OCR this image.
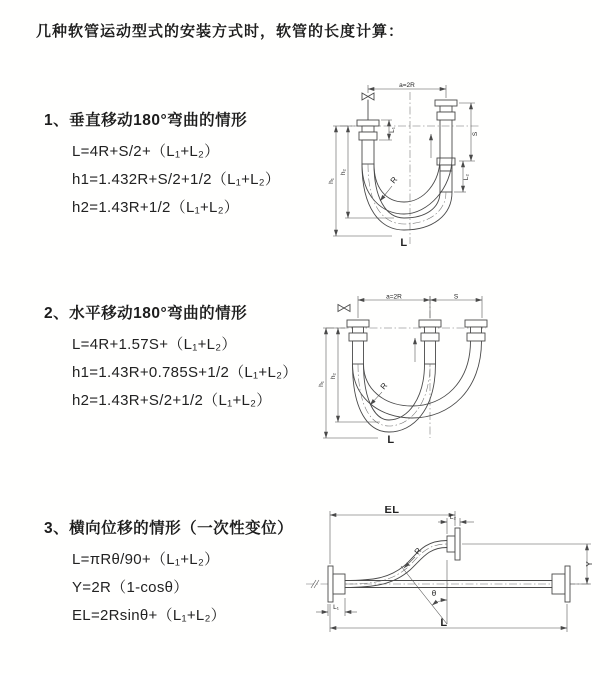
几种软管运动型式的安装方式时，软管的长度计算：
1、垂直移动180°弯曲的情形
L=4R+S/2+（L₁+L₂）
h1=1.432R+S/2+1/2（L₁+L₂）
h2=1.43R+1/2（L₁+L₂）
2、水平移动180°弯曲的情形
L=4R+1.57S+（L₁+L₂）
h1=1.43R+0.785S+1/2（L₁+L₂）
h2=1.43R+S/2+1/2（L₁+L₂）
3、横向位移的情形（一次性变位）
L=πRθ/90+（L₁+L₂）
Y=2R（1-cosθ）
EL=2Rsinθ+（L₁+L₂）
R
a=2R
S
L₂
h₁
h₂
L₁
L
a=2R	S
R
h₁
h₂
L
EL
L₂
Y
L
L₁
R
θ
